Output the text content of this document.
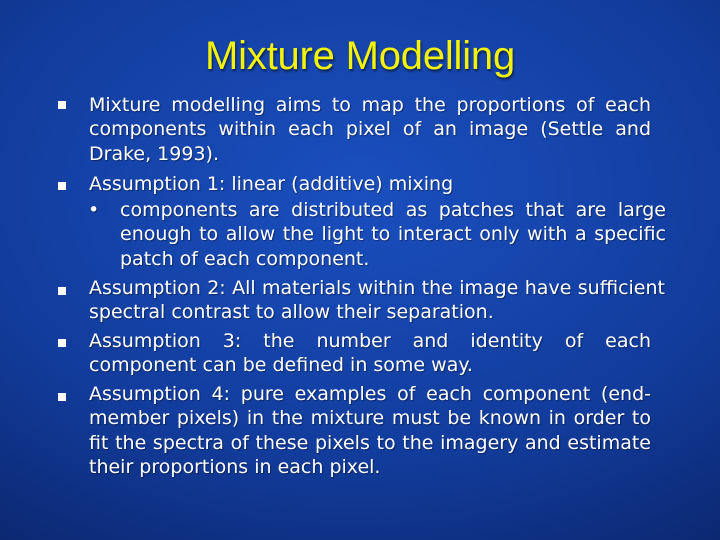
Mixture Modelling

Mixture modelling aims to map the proportions of each components within each pixel of an image (Settle and Drake, 1993).

Assumption 1: linear (additive) mixing

• components are distributed as patches that are large enough to allow the light to interact only with a specific patch of each component.

Assumption 2: All materials within the image have sufficient spectral contrast to allow their separation.

Assumption 3: the number and identity of each component can be defined in some way.

Assumption 4: pure examples of each component (end-member pixels) in the mixture must be known in order to fit the spectra of these pixels to the imagery and estimate their proportions in each pixel.
